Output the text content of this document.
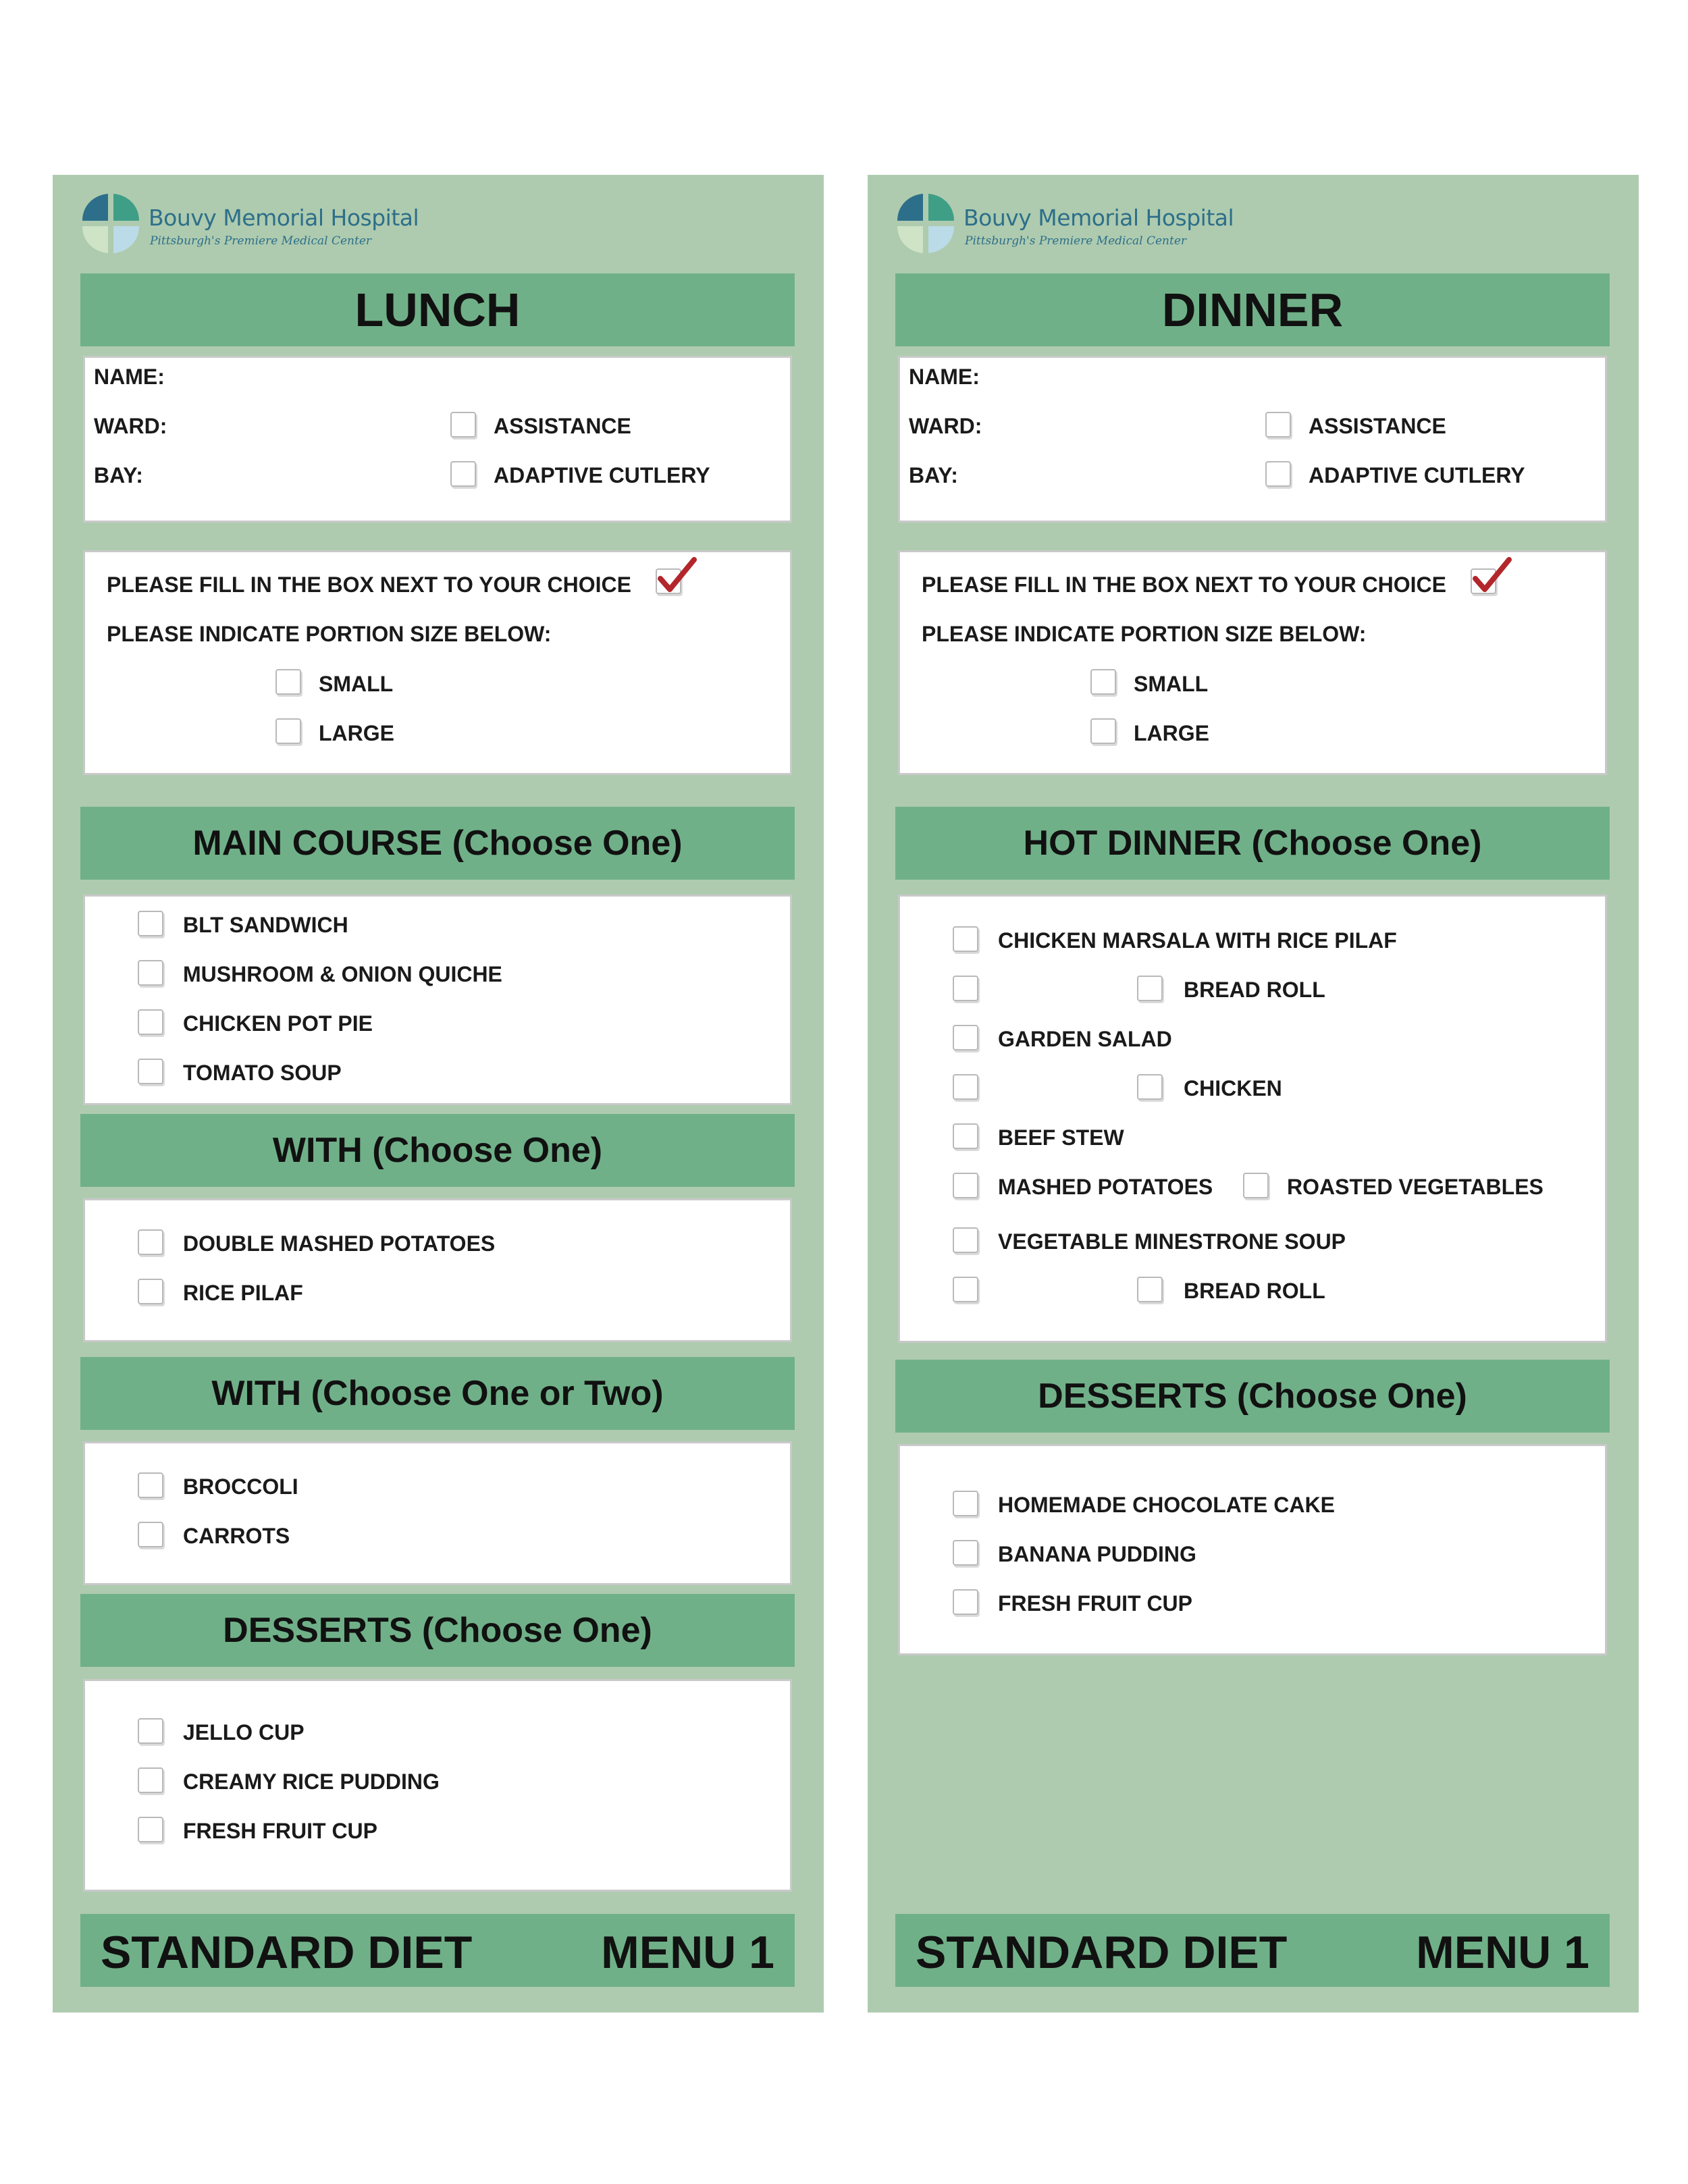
Bouvy Memorial Hospital
Pittsburgh's Premiere Medical Center
LUNCH
NAME:
WARD:
BAY:
ASSISTANCE
ADAPTIVE CUTLERY
PLEASE FILL IN THE BOX NEXT TO YOUR CHOICE
PLEASE INDICATE PORTION SIZE BELOW:
SMALL
LARGE
MAIN COURSE (Choose One)
BLT SANDWICH
MUSHROOM & ONION QUICHE
CHICKEN POT PIE
TOMATO SOUP
WITH (Choose One)
DOUBLE MASHED POTATOES
RICE PILAF
WITH (Choose One or Two)
BROCCOLI
CARROTS
DESSERTS (Choose One)
JELLO CUP
CREAMY RICE PUDDING
FRESH FRUIT CUP
STANDARD DIET	MENU 1
Bouvy Memorial Hospital
Pittsburgh's Premiere Medical Center
DINNER
NAME:
WARD:
BAY:
ASSISTANCE
ADAPTIVE CUTLERY
PLEASE FILL IN THE BOX NEXT TO YOUR CHOICE
PLEASE INDICATE PORTION SIZE BELOW:
SMALL
LARGE
HOT DINNER (Choose One)
CHICKEN MARSALA WITH RICE PILAF
BREAD ROLL
GARDEN SALAD
CHICKEN
BEEF STEW
MASHED POTATOES	ROASTED VEGETABLES
VEGETABLE MINESTRONE SOUP
BREAD ROLL
DESSERTS (Choose One)
HOMEMADE CHOCOLATE CAKE
BANANA PUDDING
FRESH FRUIT CUP
STANDARD DIET	MENU 1
